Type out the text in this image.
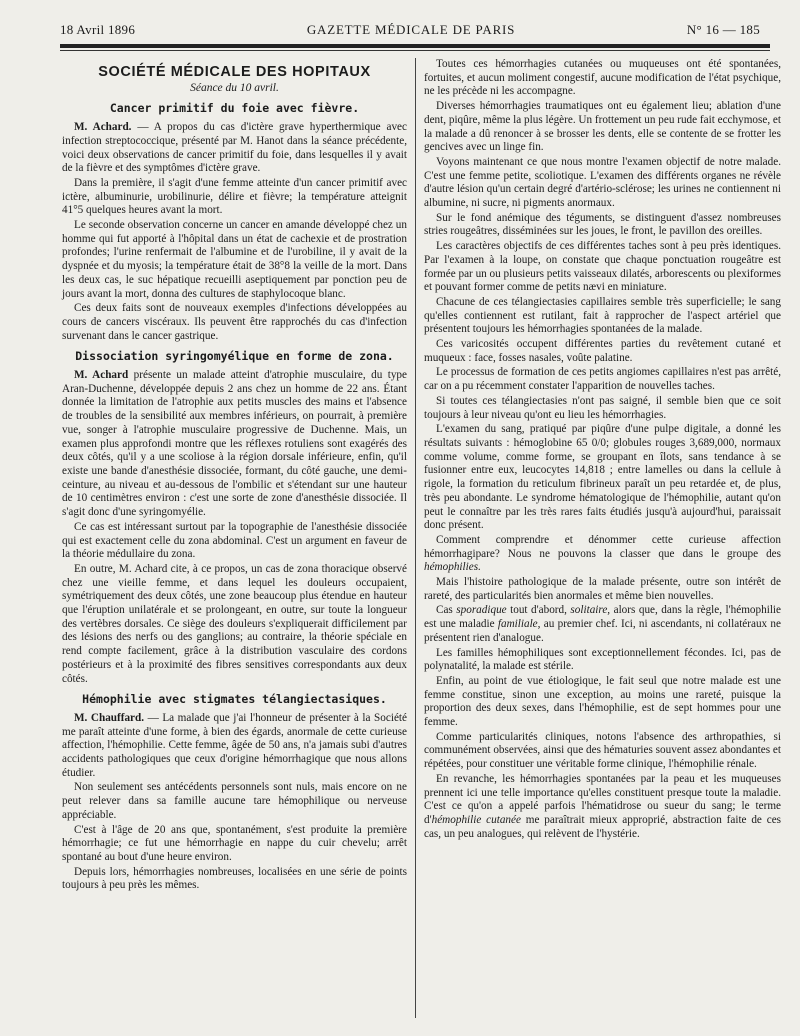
18 Avril 1896	GAZETTE MÉDICALE DE PARIS	N° 16 — 185
SOCIÉTÉ MÉDICALE DES HOPITAUX
Séance du 10 avril.
Cancer primitif du foie avec fièvre.

M. Achard. — A propos du cas d'ictère grave hyperthermique avec infection streptococcique, présenté par M. Hanot dans la séance précédente, voici deux observations de cancer primitif du foie, dans lesquelles il y avait de la fièvre et des symptômes d'ictère grave.

Dans la première, il s'agit d'une femme atteinte d'un cancer primitif avec ictère, albuminurie, urobilinurie, délire et fièvre; la température atteignit 41°5 quelques heures avant la mort.

Le seconde observation concerne un cancer en amande développé chez un homme qui fut apporté à l'hôpital dans un état de cachexie et de prostration profondes; l'urine renfermait de l'albumine et de l'urobiline, il y avait de la dyspnée et du myosis; la température était de 38°8 la veille de la mort. Dans les deux cas, le suc hépatique recueilli aseptiquement par ponction peu de jours avant la mort, donna des cultures de staphylocoque blanc.

Ces deux faits sont de nouveaux exemples d'infections développées au cours de cancers viscéraux. Ils peuvent être rapprochés du cas d'infection survenant dans le cancer gastrique.

Dissociation syringomyélique en forme de zona.

M. Achard présente un malade atteint d'atrophie musculaire, du type Aran-Duchenne, développée depuis 2 ans chez un homme de 22 ans. Étant donnée la limitation de l'atrophie aux petits muscles des mains et l'absence de troubles de la sensibilité aux membres inférieurs, on pourrait, à première vue, songer à l'atrophie musculaire progressive de Duchenne. Mais, un examen plus approfondi montre que les réflexes rotuliens sont exagérés des deux côtés, qu'il y a une scoliose à la région dorsale inférieure, enfin, qu'il existe une bande d'anesthésie dissociée, formant, du côté gauche, une demi-ceinture, au niveau et au-dessous de l'ombilic et s'étendant sur une hauteur de 10 centimètres environ : c'est une sorte de zone d'anesthésie dissociée. Il s'agit donc d'une syringomyélie.

Ce cas est intéressant surtout par la topographie de l'anesthésie dissociée qui est exactement celle du zona abdominal. C'est un argument en faveur de la théorie médullaire du zona.

En outre, M. Achard cite, à ce propos, un cas de zona thoracique observé chez une vieille femme, et dans lequel les douleurs occupaient, symétriquement des deux côtés, une zone beaucoup plus étendue en hauteur que l'éruption unilatérale et se prolongeant, en outre, sur toute la longueur des vertèbres dorsales. Ce siège des douleurs s'expliquerait difficilement par des lésions des nerfs ou des ganglions; au contraire, la théorie spéciale en rend compte facilement, grâce à la distribution vasculaire des cordons postérieurs et à la proximité des fibres sensitives correspondants aux deux côtés.

Hémophilie avec stigmates télangiectasiques.

M. Chauffard. — La malade que j'ai l'honneur de présenter à la Société me paraît atteinte d'une forme, à bien des égards, anormale de cette curieuse affection, l'hémophilie. Cette femme, âgée de 50 ans, n'a jamais subi d'autres accidents pathologiques que ceux d'origine hémorrhagique que nous allons étudier.

Non seulement ses antécédents personnels sont nuls, mais encore on ne peut relever dans sa famille aucune tare hémophilique ou nerveuse appréciable.

C'est à l'âge de 20 ans que, spontanément, s'est produite la première hémorrhagie; ce fut une hémorrhagie en nappe du cuir chevelu; arrêt spontané au bout d'une heure environ.

Depuis lors, hémorrhagies nombreuses, localisées en une série de points toujours à peu près les mêmes.

Toutes ces hémorrhagies cutanées ou muqueuses ont été spontanées, fortuites, et aucun moliment congestif, aucune modification de l'état psychique, ne les précède ni les accompagne.

Diverses hémorrhagies traumatiques ont eu également lieu; ablation d'une dent, piqûre, même la plus légère. Un frottement un peu rude fait ecchymose, et la malade a dû renoncer à se brosser les dents, elle se contente de se frotter les gencives avec un linge fin.

Voyons maintenant ce que nous montre l'examen objectif de notre malade. C'est une femme petite, scoliotique. L'examen des différents organes ne révèle d'autre lésion qu'un certain degré d'artério-sclérose; les urines ne contiennent ni albumine, ni sucre, ni pigments anormaux.

Sur le fond anémique des téguments, se distinguent d'assez nombreuses stries rougeâtres, disséminées sur les joues, le front, le pavillon des oreilles.

Les caractères objectifs de ces différentes taches sont à peu près identiques. Par l'examen à la loupe, on constate que chaque ponctuation rougeâtre est formée par un ou plusieurs petits vaisseaux dilatés, arborescents ou plexiformes et pouvant former comme de petits nævi en miniature.

Chacune de ces télangiectasies capillaires semble très superficielle; le sang qu'elles contiennent est rutilant, fait à rapprocher de l'aspect artériel que présentent toujours les hémorrhagies spontanées de la malade.

Ces varicosités occupent différentes parties du revêtement cutané et muqueux : face, fosses nasales, voûte palatine.

Le processus de formation de ces petits angiomes capillaires n'est pas arrêté, car on a pu récemment constater l'apparition de nouvelles taches.

Si toutes ces télangiectasies n'ont pas saigné, il semble bien que ce soit toujours à leur niveau qu'ont eu lieu les hémorrhagies.

L'examen du sang, pratiqué par piqûre d'une pulpe digitale, a donné les résultats suivants : hémoglobine 65 0/0; globules rouges 3,689,000, normaux comme volume, comme forme, se groupant en îlots, sans tendance à se fusionner entre eux, leucocytes 14,818 ; entre lamelles ou dans la cellule à rigole, la formation du reticulum fibrineux paraît un peu retardée et, de plus, très peu abondante. Le syndrome hématologique de l'hémophilie, autant qu'on peut le connaître par les très rares faits étudiés jusqu'à aujourd'hui, paraissait donc présent.

Comment comprendre et dénommer cette curieuse affection hémorrhagipare? Nous ne pouvons la classer que dans le groupe des hémophilies.

Mais l'histoire pathologique de la malade présente, outre son intérêt de rareté, des particularités bien anormales et même bien nouvelles.

Cas sporadique tout d'abord, solitaire, alors que, dans la règle, l'hémophilie est une maladie familiale, au premier chef. Ici, ni ascendants, ni collatéraux ne présentent rien d'analogue.

Les familles hémophiliques sont exceptionnellement fécondes. Ici, pas de polynatalité, la malade est stérile.

Enfin, au point de vue étiologique, le fait seul que notre malade est une femme constitue, sinon une exception, au moins une rareté, puisque la proportion des deux sexes, dans l'hémophilie, est de sept hommes pour une femme.

Comme particularités cliniques, notons l'absence des arthropathies, si communément observées, ainsi que des hématuries souvent assez abondantes et répétées, pour constituer une véritable forme clinique, l'hémophilie rénale.

En revanche, les hémorrhagies spontanées par la peau et les muqueuses prennent ici une telle importance qu'elles constituent presque toute la maladie. C'est ce qu'on a appelé parfois l'hématidrose ou sueur du sang; le terme d'hémophilie cutanée me paraîtrait mieux approprié, abstraction faite de ces cas, un peu analogues, qui relèvent de l'hystérie.
